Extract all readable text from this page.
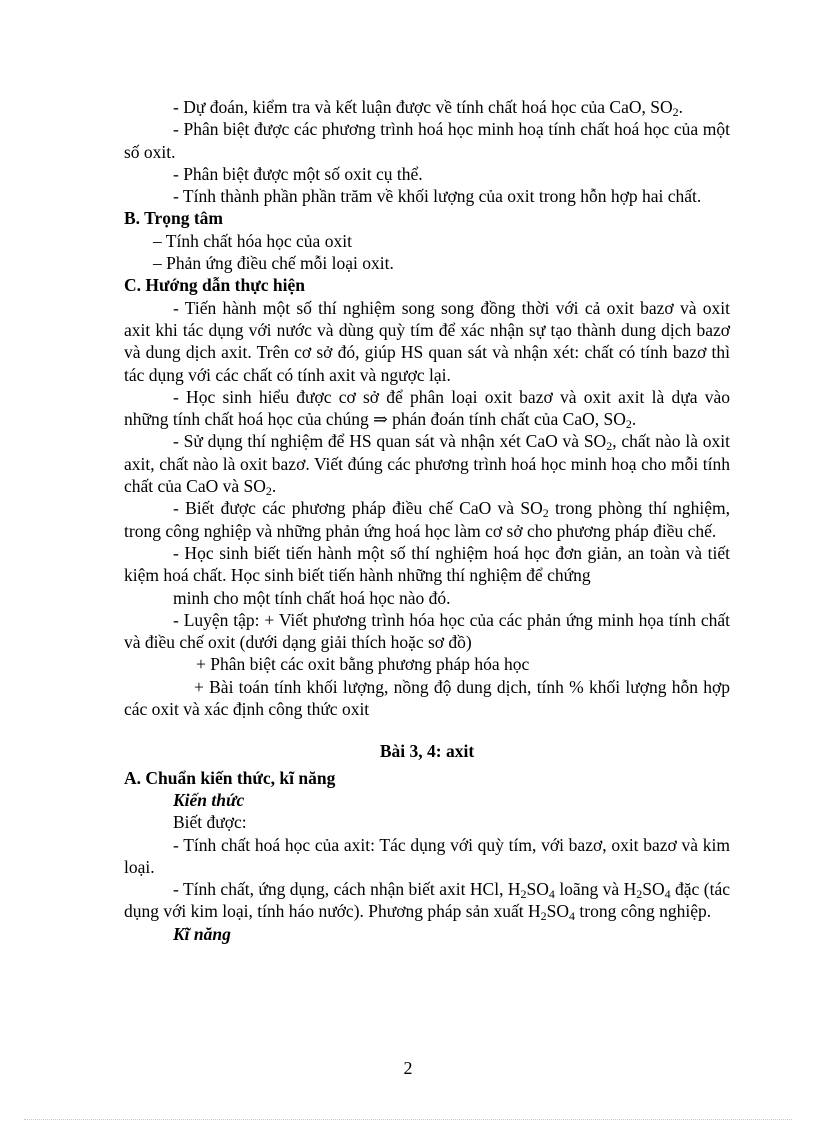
- Dự đoán, kiểm tra và kết luận được về tính chất hoá học của CaO, $SO_2$.

- Phân biệt được các phương trình hoá học minh hoạ tính chất hoá học của một số oxit.

- Phân biệt được một số oxit cụ thể.

- Tính thành phần phần trăm về khối lượng của oxit trong hỗn hợp hai chất.

B. Trọng tâm

– Tính chất hóa học của oxit

– Phản ứng điều chế mỗi loại oxit.

C. Hướng dẫn thực hiện

- Tiến hành một số thí nghiệm song song đồng thời với cả oxit bazơ và oxit axit khi tác dụng với nước và dùng quỳ tím để xác nhận sự tạo thành dung dịch bazơ và dung dịch axit. Trên cơ sở đó, giúp HS quan sát và nhận xét: chất có tính bazơ thì tác dụng với các chất có tính axit và ngược lại.

- Học sinh hiểu được cơ sở để phân loại oxit bazơ và oxit axit là dựa vào những tính chất hoá học của chúng ⇒ phán đoán tính chất của CaO, $SO_2$.

- Sử dụng thí nghiệm để HS quan sát và nhận xét CaO và $SO_2$, chất nào là oxit axit, chất nào là oxit bazơ. Viết đúng các phương trình hoá học minh hoạ cho mỗi tính chất của CaO và $SO_2$.

- Biết được các phương pháp điều chế CaO và $SO_2$ trong phòng thí nghiệm, trong công nghiệp và những phản ứng hoá học làm cơ sở cho phương pháp điều chế.

- Học sinh biết tiến hành một số thí nghiệm hoá học đơn giản, an toàn và tiết kiệm hoá chất. Học sinh biết tiến hành những thí nghiệm để chứng

minh cho một tính chất hoá học nào đó.

- Luyện tập: + Viết phương trình hóa học của các phản ứng minh họa tính chất và điều chế oxit (dưới dạng giải thích hoặc sơ đồ)

+ Phân biệt các oxit bằng phương pháp hóa học

+ Bài toán tính khối lượng, nồng độ dung dịch, tính % khối lượng hỗn hợp các oxit và xác định công thức oxit

Bài 3, 4: axit

A. Chuẩn kiến thức, kĩ năng

Kiến thức

Biết được:

- Tính chất hoá học của axit: Tác dụng với quỳ tím, với bazơ, oxit bazơ và kim loại.

- Tính chất, ứng dụng, cách nhận biết axit HCl, $H_2SO_4$ loãng và $H_2SO_4$ đặc (tác dụng với kim loại, tính háo nước). Phương pháp sản xuất $H_2SO_4$ trong công nghiệp.

Kĩ năng

2
